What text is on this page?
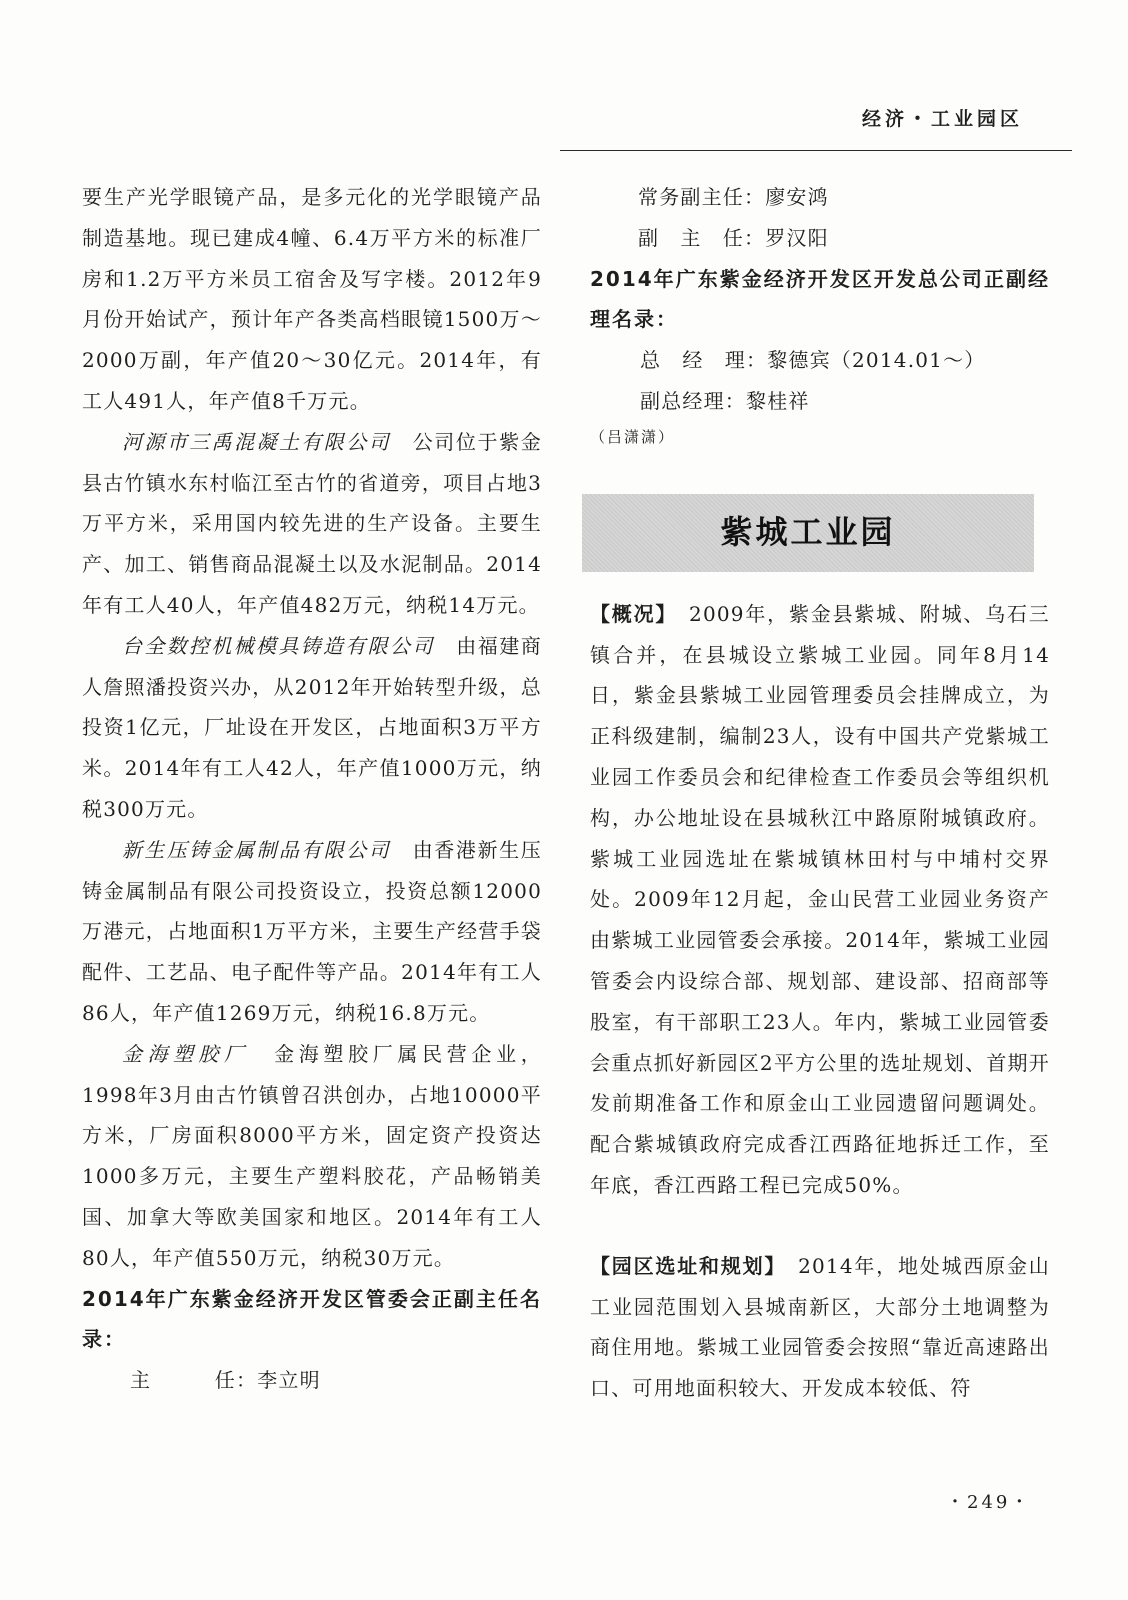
经济・工业园区

要生产光学眼镜产品，是多元化的光学眼镜产品制造基地。现已建成4幢、6.4万平方米的标准厂房和1.2万平方米员工宿舍及写字楼。2012年9月份开始试产，预计年产各类高档眼镜1500万～2000万副，年产值20～30亿元。2014年，有工人491人，年产值8千万元。

河源市三禹混凝土有限公司　 公司位于紫金县古竹镇水东村临江至古竹的省道旁，项目占地3万平方米，采用国内较先进的生产设备。主要生产、加工、销售商品混凝土以及水泥制品。2014年有工人40人，年产值482万元，纳税14万元。

台全数控机械模具铸造有限公司　 由福建商人詹照潘投资兴办，从2012年开始转型升级，总投资1亿元，厂址设在开发区，占地面积3万平方米。2014年有工人42人，年产值1000万元，纳税300万元。

新生压铸金属制品有限公司　 由香港新生压铸金属制品有限公司投资设立，投资总额12000万港元，占地面积1万平方米，主要生产经营手袋配件、工艺品、电子配件等产品。2014年有工人86人，年产值1269万元，纳税16.8万元。

金海塑胶厂　 金海塑胶厂属民营企业，1998年3月由古竹镇曾召洪创办，占地10000平方米，厂房面积8000平方米，固定资产投资达1000多万元，主要生产塑料胶花，产品畅销美国、加拿大等欧美国家和地区。2014年有工人80人，年产值550万元，纳税30万元。

2014年广东紫金经济开发区管委会正副主任名录：

主　　　任：李立明

常务副主任：廖安鸿

副　主　任：罗汉阳

2014年广东紫金经济开发区开发总公司正副经理名录：

总　经　理：黎德宾（2014.01～）

副总经理：黎桂祥

（吕潇潇）

紫城工业园

【概况】　 2009年，紫金县紫城、附城、乌石三镇合并，在县城设立紫城工业园。同年8月14日，紫金县紫城工业园管理委员会挂牌成立，为正科级建制，编制23人，设有中国共产党紫城工业园工作委员会和纪律检查工作委员会等组织机构，办公地址设在县城秋江中路原附城镇政府。紫城工业园选址在紫城镇林田村与中埔村交界处。2009年12月起，金山民营工业园业务资产由紫城工业园管委会承接。2014年，紫城工业园管委会内设综合部、规划部、建设部、招商部等股室，有干部职工23人。年内，紫城工业园管委会重点抓好新园区2平方公里的选址规划、首期开发前期准备工作和原金山工业园遗留问题调处。配合紫城镇政府完成香江西路征地拆迁工作，至年底，香江西路工程已完成50%。

【园区选址和规划】　 2014年，地处城西原金山工业园范围划入县城南新区，大部分土地调整为商住用地。紫城工业园管委会按照“靠近高速路出口、可用地面积较大、开发成本较低、符

・249・
